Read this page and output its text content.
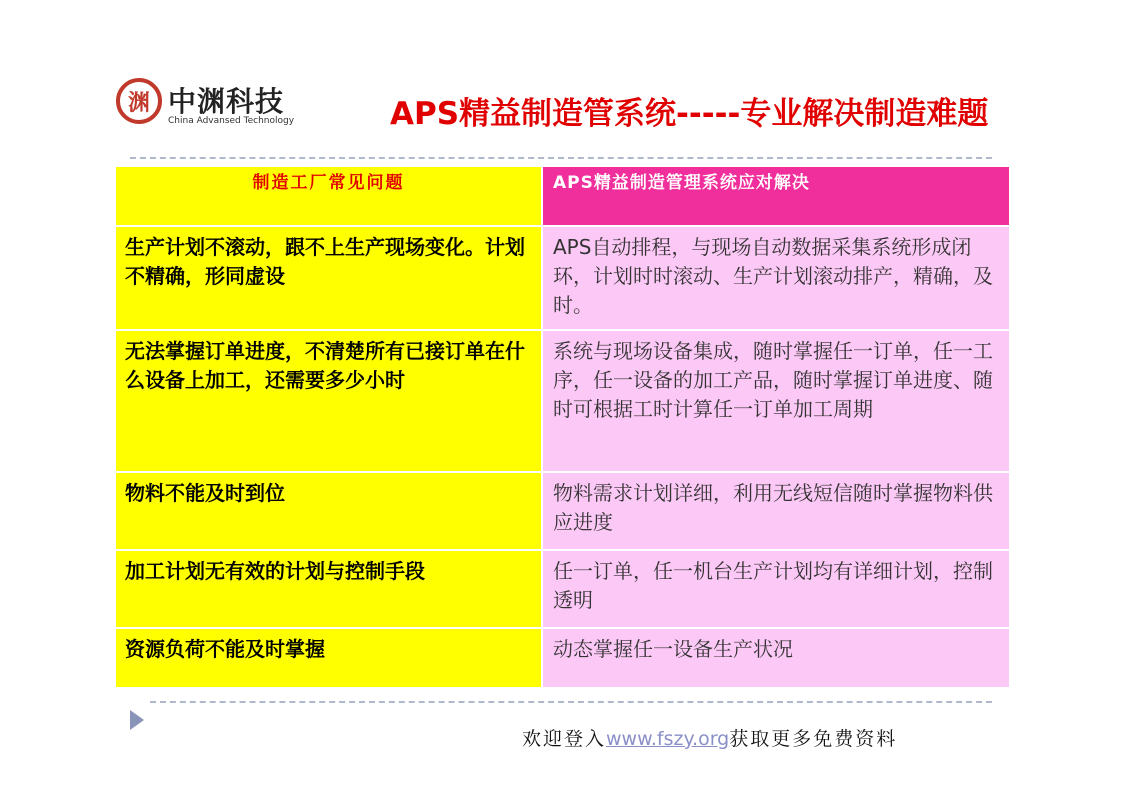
渊 中渊科技
China Advansed Technology	APS精益制造管系统-----专业解决制造难题
制造工厂常见问题	APS精益制造管理系统应对解决
生产计划不滚动，跟不上生产现场变化。计划不精确，形同虚设	APS自动排程，与现场自动数据采集系统形成闭环，计划时时滚动、生产计划滚动排产，精确，及时。
无法掌握订单进度，不清楚所有已接订单在什么设备上加工，还需要多少小时	系统与现场设备集成，随时掌握任一订单，任一工序，任一设备的加工产品，随时掌握订单进度、随时可根据工时计算任一订单加工周期
物料不能及时到位	物料需求计划详细，利用无线短信随时掌握物料供应进度
加工计划无有效的计划与控制手段	任一订单，任一机台生产计划均有详细计划，控制透明
资源负荷不能及时掌握	动态掌握任一设备生产状况
欢迎登入www.fszy.org获取更多免费资料
